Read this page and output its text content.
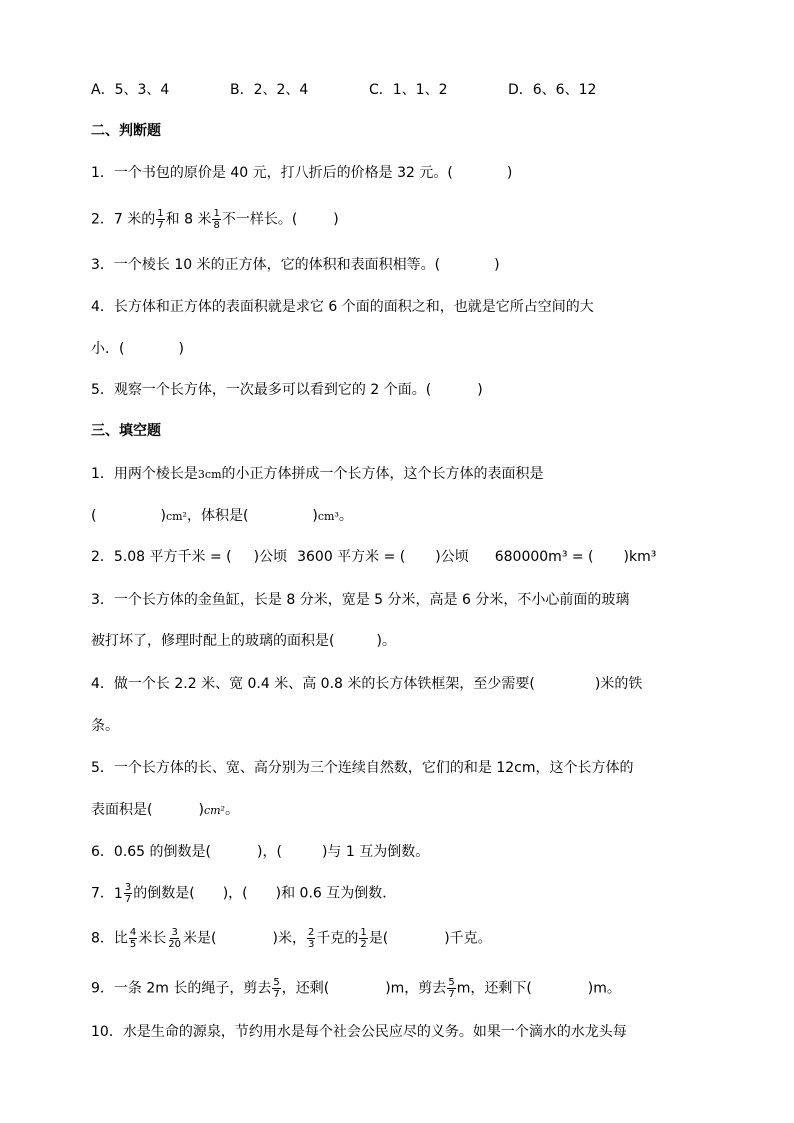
A．5、3、4	B．2、2、4	C．1、1、2	D．6、6、12
二、判断题
1．一个书包的原价是 40 元，打八折后的价格是 32 元。(	)
2．7 米的 $\frac{1}{7}$ 和 8 米 $\frac{1}{8}$ 不一样长。(	)
3．一个棱长 10 米的正方体，它的体积和表面积相等。(	)
4．长方体和正方体的表面积就是求它 6 个面的面积之和，也就是它所占空间的大
小．(	)
5．观察一个长方体，一次最多可以看到它的 2 个面。(	)
三、填空题
1．用两个棱长是3cm的小正方体拼成一个长方体，这个长方体的表面积是
(	)cm²，体积是(	)cm³。
2．5.08 平方千米 = ( )公顷 3600 平方米 = ( )公顷 680000m³ = ( )km³
3．一个长方体的金鱼缸，长是 8 分米，宽是 5 分米，高是 6 分米，不小心前面的玻璃
被打坏了，修理时配上的玻璃的面积是(	)。
4．做一个长 2.2 米、宽 0.4 米、高 0.8 米的长方体铁框架，至少需要(	)米的铁
条。
5．一个长方体的长、宽、高分别为三个连续自然数，它们的和是 12cm，这个长方体的
表面积是(	)cm²。
6．0.65 的倒数是(	)，(	)与 1 互为倒数。
7． $1 \frac{3}{7}$ 的倒数是( )，( )和 0.6 互为倒数．
8．比 $\frac{4}{5}$ 米长 $\frac{3}{20}$ 米是(	)米， $\frac{2}{3}$ 千克的 $\frac{1}{2}$ 是(	)千克。
9．一条 2m 长的绳子，剪去 $\frac{5}{7}$ ，还剩(	)m，剪去 $\frac{5}{7}$ m，还剩下(	)m。
10．水是生命的源泉，节约用水是每个社会公民应尽的义务。如果一个滴水的水龙头每
